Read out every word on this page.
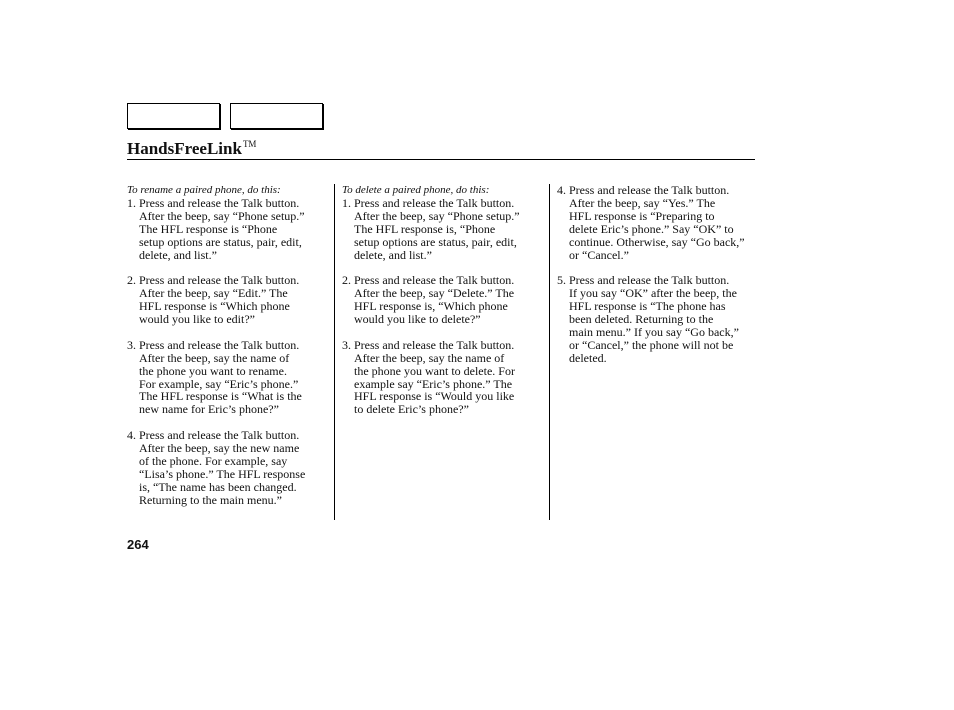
HandsFreeLink™

To rename a paired phone, do this:

1. Press and release the Talk button.
After the beep, say “Phone setup.”
The HFL response is “Phone
setup options are status, pair, edit,
delete, and list.”

2. Press and release the Talk button.
After the beep, say “Edit.” The
HFL response is “Which phone
would you like to edit?”

3. Press and release the Talk button.
After the beep, say the name of
the phone you want to rename.
For example, say “Eric’s phone.”
The HFL response is “What is the
new name for Eric’s phone?”

4. Press and release the Talk button.
After the beep, say the new name
of the phone. For example, say
“Lisa’s phone.” The HFL response
is, “The name has been changed.
Returning to the main menu.”

To delete a paired phone, do this:

1. Press and release the Talk button.
After the beep, say “Phone setup.”
The HFL response is, “Phone
setup options are status, pair, edit,
delete, and list.”

2. Press and release the Talk button.
After the beep, say “Delete.” The
HFL response is, “Which phone
would you like to delete?”

3. Press and release the Talk button.
After the beep, say the name of
the phone you want to delete. For
example say “Eric’s phone.” The
HFL response is “Would you like
to delete Eric’s phone?”

4. Press and release the Talk button.
After the beep, say “Yes.” The
HFL response is “Preparing to
delete Eric’s phone.” Say “OK” to
continue. Otherwise, say “Go back,”
or “Cancel.”

5. Press and release the Talk button.
If you say “OK” after the beep, the
HFL response is “The phone has
been deleted. Returning to the
main menu.” If you say “Go back,”
or “Cancel,” the phone will not be
deleted.

264
